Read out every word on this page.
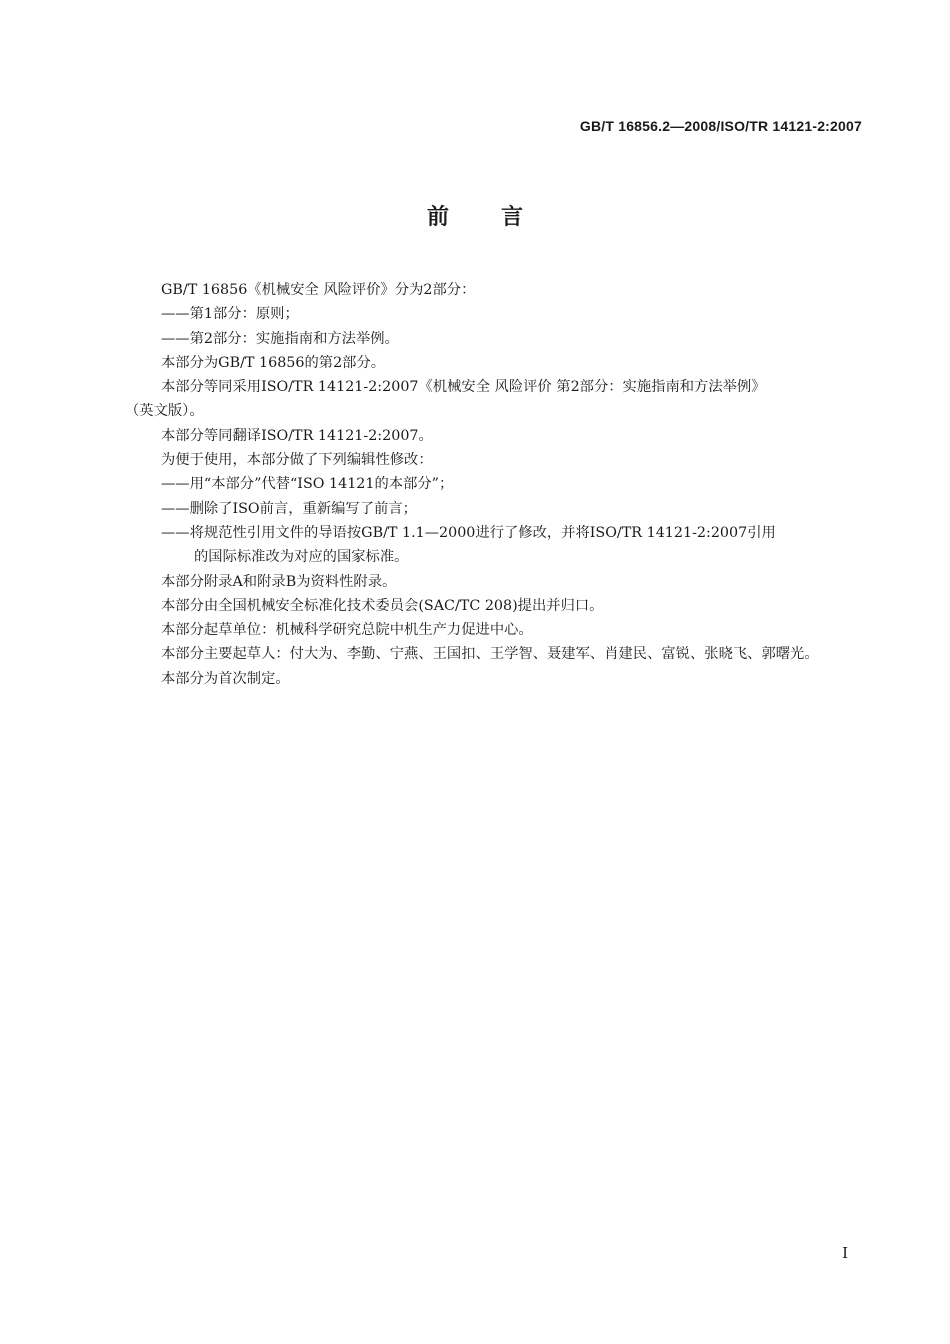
GB/T 16856.2—2008/ISO/TR 14121-2:2007
前言

GB/T 16856《机械安全 风险评价》分为2部分：

——第1部分：原则；

——第2部分：实施指南和方法举例。

本部分为GB/T 16856的第2部分。

本部分等同采用ISO/TR 14121-2:2007《机械安全 风险评价 第2部分：实施指南和方法举例》

（英文版）。

本部分等同翻译ISO/TR 14121-2:2007。

为便于使用，本部分做了下列编辑性修改：

——用“本部分”代替“ISO 14121的本部分”；

——删除了ISO前言，重新编写了前言；

——将规范性引用文件的导语按GB/T 1.1—2000进行了修改，并将ISO/TR 14121-2:2007引用

的国际标准改为对应的国家标准。

本部分附录A和附录B为资料性附录。

本部分由全国机械安全标准化技术委员会(SAC/TC 208)提出并归口。

本部分起草单位：机械科学研究总院中机生产力促进中心。

本部分主要起草人：付大为、李勤、宁燕、王国扣、王学智、聂建军、肖建民、富锐、张晓飞、郭曙光。

本部分为首次制定。

I
